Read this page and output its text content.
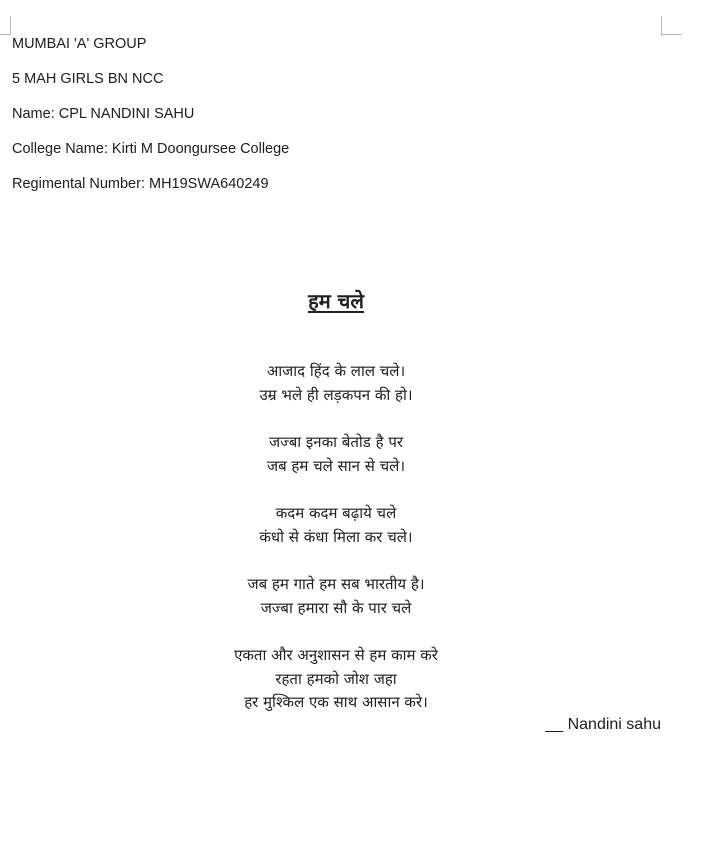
MUMBAI 'A' GROUP
5 MAH GIRLS BN NCC
Name: CPL NANDINI SAHU
College Name: Kirti M Doongursee College
Regimental Number: MH19SWA640249
हम चले
आजाद हिंद के लाल चले।
उम्र भले ही लड़कपन की हो।
जज्बा इनका बेतोड है पर
जब हम चले सान से चले।
कदम कदम बढ़ाये चले
कंधो से कंधा मिला कर चले।
जब हम गाते हम सब भारतीय है।
जज्बा हमारा सौ के पार चले
एकता और अनुशासन से हम काम करे
रहता हमको जोश जहा
हर मुश्किल एक साथ आसान करे।
__ Nandini sahu
